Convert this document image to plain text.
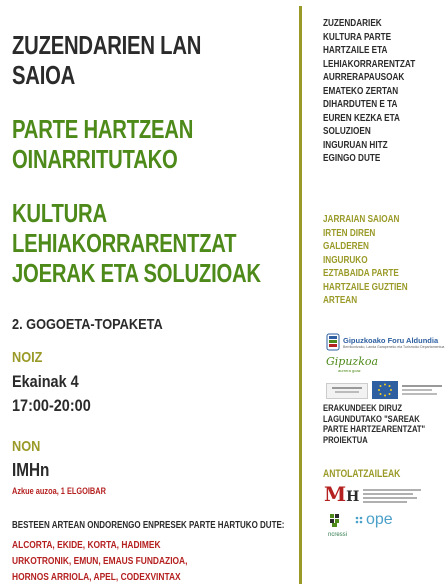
ZUZENDARIEN LAN
SAIOA
PARTE HARTZEAN
OINARRITUTAKO
KULTURA
LEHIAKORRARENTZAT
JOERAK ETA SOLUZIOAK
2. GOGOETA-TOPAKETA
NOIZ
Ekainak 4
17:00-20:00
NON
IMHn
Azkue auzoa, 1 ELGOIBAR
BESTEEN ARTEAN ONDORENGO ENPRESEK PARTE HARTUKO DUTE:
ALCORTA, EKIDE, KORTA, HADIMEK
URKOTRONIK, EMUN, EMAUS FUNDAZIOA,
HORNOS ARRIOLA, APEL, CODEXVINTAX
ZUZENDARIEK
KULTURA PARTE
HARTZAILE ETA
LEHIAKORRARENTZAT
AURRERAPAUSOAK
EMATEKO ZERTAN
DIHARDUTEN E TA
EUREN KEZKA ETA
SOLUZIOEN
INGURUAN HITZ
EGINGO DUTE
JARRAIAN SAIOAN
IRTEN DIREN
GALDEREN
INGURUKO
EZTABAIDA PARTE
HARTZAILE GUZTIEN
ARTEAN
Gipuzkoako Foru Aldundia
Berrikuntzako, Landa Garapeneko eta Turismoko Departamentua
Gipuzkoa
aurrera goaz
ERAKUNDEEK DIRUZ
LAGUNDUTAKO "SAREAK
PARTE HARTZEARENTZAT"
PROIEKTUA
ANTOLATZAILEAK
MH
ncressi
ope
